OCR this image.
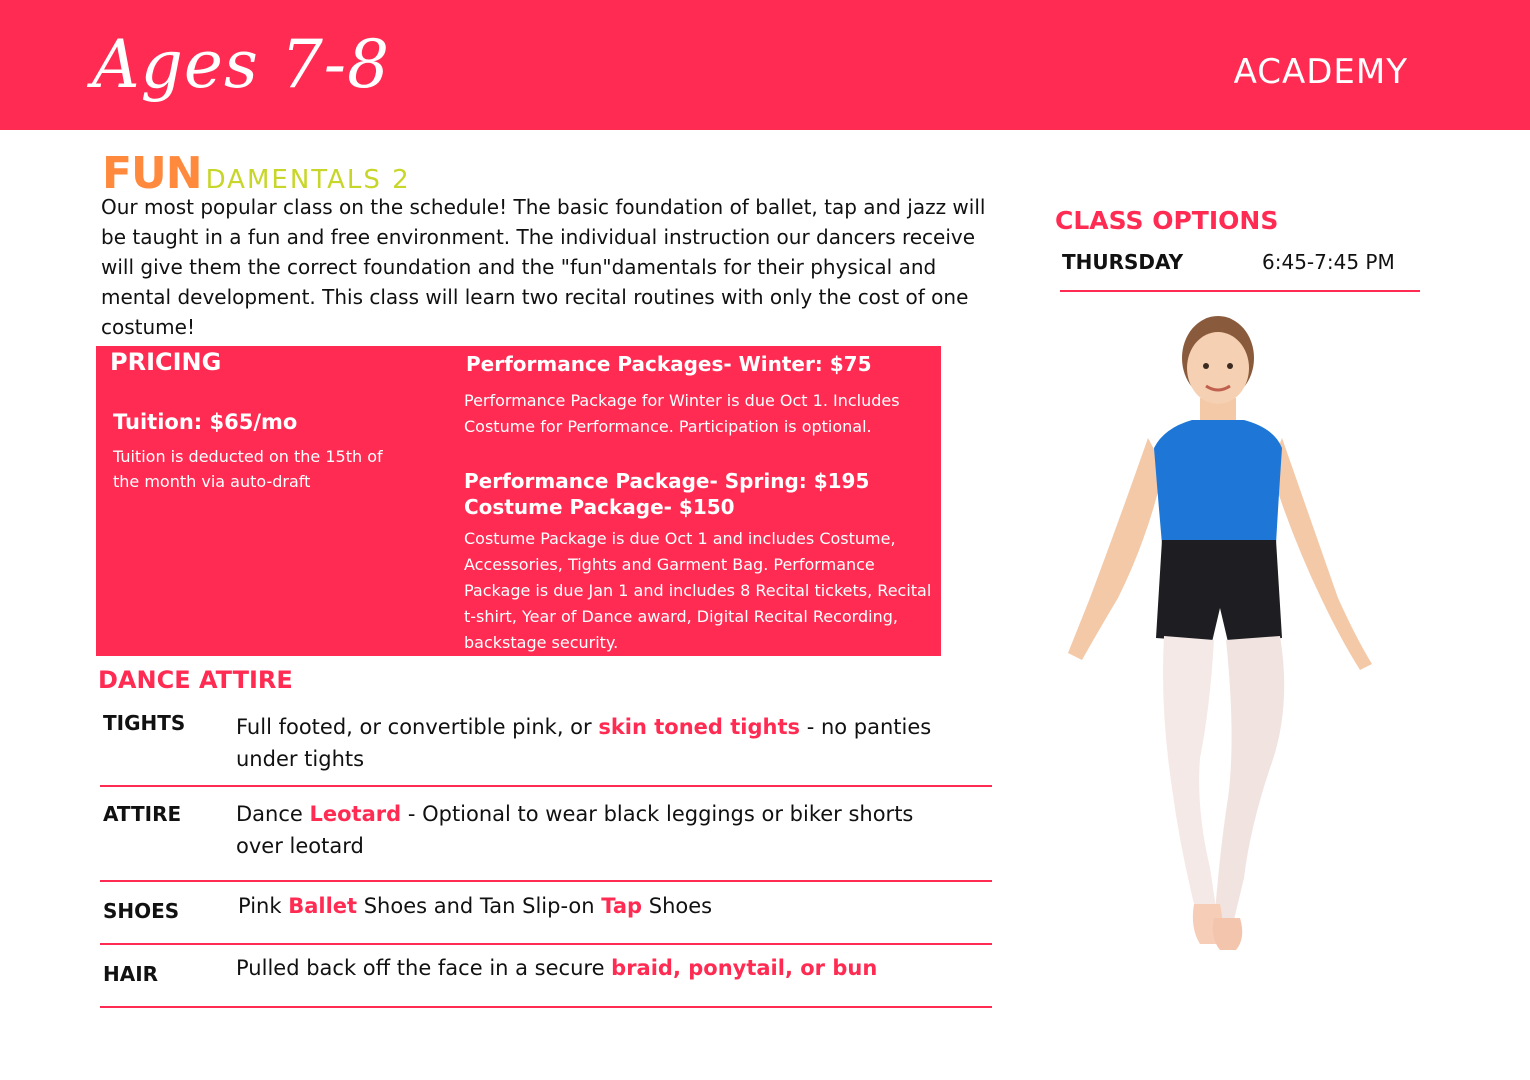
Ages 7-8	ACADEMY
FUN DAMENTALS 2
Our most popular class on the schedule! The basic foundation of ballet, tap and jazz will be taught in a fun and free environment. The individual instruction our dancers receive will give them the correct foundation and the "fun"damentals for their physical and mental development. This class will learn two recital routines with only the cost of one costume!
PRICING
Tuition: $65/mo
Tuition is deducted on the 15th of the month via auto-draft
Performance Packages- Winter: $75
Performance Package for Winter is due Oct 1. Includes Costume for Performance. Participation is optional.
Performance Package- Spring: $195
Costume Package- $150
Costume Package is due Oct 1 and includes Costume, Accessories, Tights and Garment Bag. Performance Package is due Jan 1 and includes 8 Recital tickets, Recital t-shirt, Year of Dance award, Digital Recital Recording, backstage security.
DANCE ATTIRE
TIGHTS Full footed, or convertible pink, or skin toned tights - no panties under tights
ATTIRE	Dance Leotard - Optional to wear black leggings or biker shorts over leotard
SHOES	Pink Ballet Shoes and Tan Slip-on Tap Shoes
HAIR	Pulled back off the face in a secure braid, ponytail, or bun
CLASS OPTIONS
THURSDAY	6:45-7:45 PM
